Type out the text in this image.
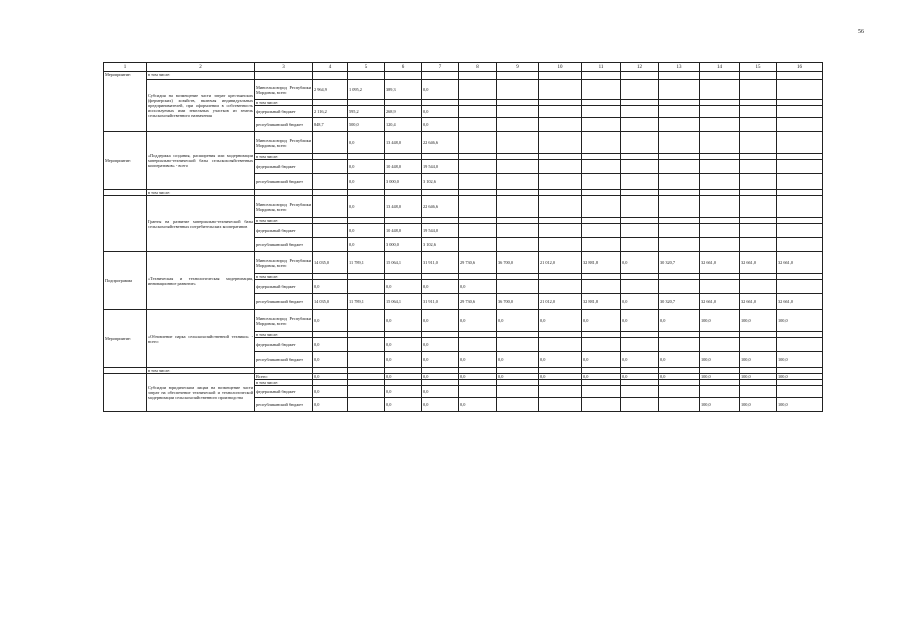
56
1	2	3	4	5	6	7	8	9	10	11	12	13	14	15	16
Мероприятие:	в том числе:														
	Субсидия на возмещение части затрат крестьянских (фермерских) хозяйств, включая индивидуальных предпринимателей, при оформлении в собственность используемых ими земельных участков из земель сельскохозяйственного назначения	Минсельхозпрод Республики Мордовия, всего	2 964,9	1 095,2	389,3	0,0									
		в том числе:													
		федеральный бюджет	2 116,2	595,2	268,9	0,0									
		республиканский бюджет	848,7	500,0	120,4	0,0									
Мероприятие:	«Поддержка создания, расширения или модернизации материально-технической базы сельскохозяйственных кооперативов» - всего	Минсельхозпрод Республики Мордовия, всего		0,0	13 448,0	22 646,6									
		в том числе:													
		федеральный бюджет		0,0	10 448,0	19 544,0									
		республиканский бюджет		0,0	3 000,0	3 102,6									
	в том числе:														
	Гранты на развитие материально-технической базы сельскохозяйственных потребительских кооперативов	Минсельхозпрод Республики Мордовия, всего		0,0	13 448,0	22 646,6									
		в том числе:													
		федеральный бюджет		0,0	10 448,0	19 544,0									
		республиканский бюджет		0,0	3 000,0	3 102,6									
Подпрограмма	«Техническая и технологическая модернизация, инновационное развитие»	Минсельхозпрод Республики Мордовия, всего	14 035,0	11 789,1	15 064,1	31 911,0	29 730,6	36 700,0	21 012,0	32 881,8	0,0	30 320,7	32 661,0	32 661,0	32 661,0
		в том числе:													
		федеральный бюджет	0,0		0,0	0,0	0,0								
		республиканский бюджет	14 035,0	11 789,1	15 064,1	31 911,0	29 730,6	36 700,0	21 012,0	32 881,8	0,0	30 320,7	32 661,0	32 661,0	32 661,0
Мероприятие:	«Обновление парка сельскохозяйственной техники» - всего:	Минсельхозпрод Республики Мордовия, всего	0,0		0,0	0,0	0,0	0,0	0,0	0,0	0,0	0,0	100,0	100,0	100,0
		в том числе:													
		федеральный бюджет	0,0		0,0	0,0									
		республиканский бюджет	0,0		0,0	0,0	0,0	0,0	0,0	0,0	0,0	0,0	100,0	100,0	100,0
	в том числе:														
	Субсидии юридическим лицам на возмещение части затрат на обеспечение технической и технологической модернизации сельскохозяйственного производства	Всего:	0,0		0,0	0,0	0,0	0,0	0,0	0,0	0,0	0,0	100,0	100,0	100,0
		в том числе:													
		федеральный бюджет	0,0		0,0	0,0									
		республиканский бюджет	0,0		0,0	0,0	0,0						100,0	100,0	100,0
